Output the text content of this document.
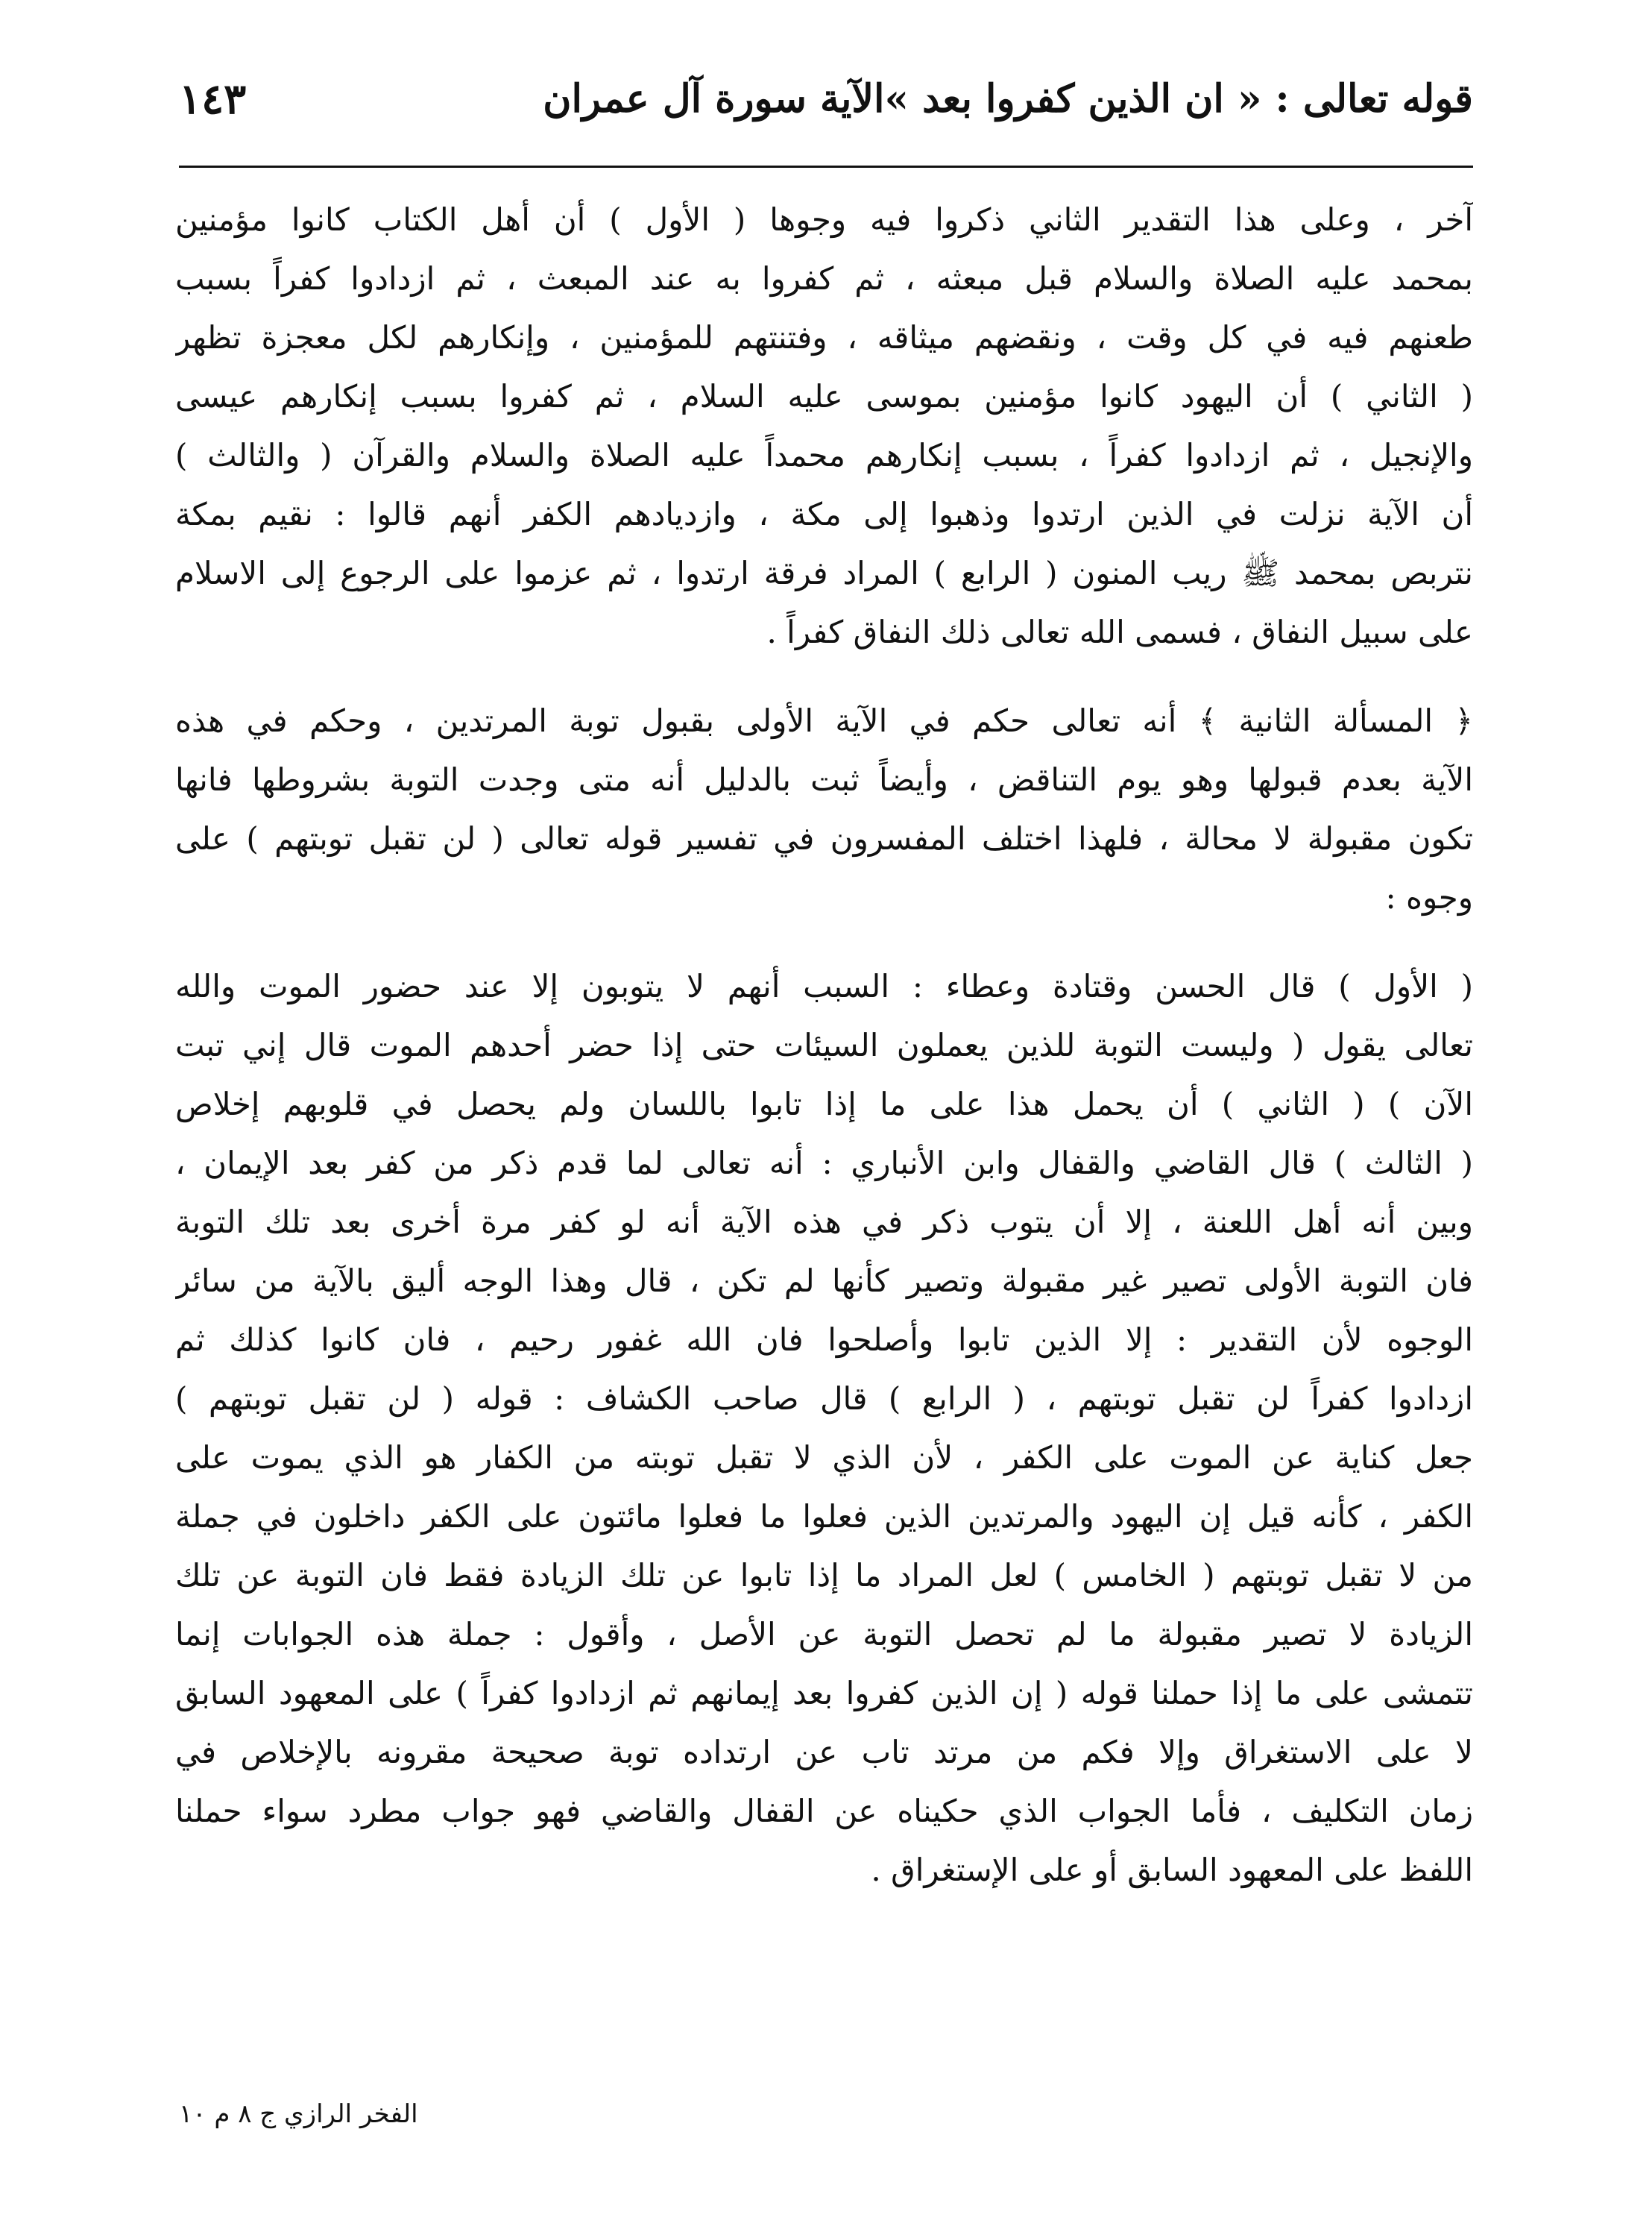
قوله تعالى : « ان الذين كفروا بعد »الآية سورة آل عمران
١٤٣
آخر ، وعلى هذا التقدير الثاني ذكروا فيه وجوها ( الأول ) أن أهل الكتاب كانوا مؤمنين
بمحمد عليه الصلاة والسلام قبل مبعثه ، ثم كفروا به عند المبعث ، ثم ازدادوا كفراً بسبب
طعنهم فيه في كل وقت ، ونقضهم ميثاقه ، وفتنتهم للمؤمنين ، وإنكارهم لكل معجزة تظهر
( الثاني ) أن اليهود كانوا مؤمنين بموسى عليه السلام ، ثم كفروا بسبب إنكارهم عيسى
والإنجيل ، ثم ازدادوا كفراً ، بسبب إنكارهم محمداً عليه الصلاة والسلام والقرآن ( والثالث )
أن الآية نزلت في الذين ارتدوا وذهبوا إلى مكة ، وازديادهم الكفر أنهم قالوا : نقيم بمكة
نتربص بمحمد ﷺ ريب المنون ( الرابع ) المراد فرقة ارتدوا ، ثم عزموا على الرجوع إلى الاسلام
على سبيل النفاق ، فسمى الله تعالى ذلك النفاق كفراً .
﴿ المسألة الثانية ﴾ أنه تعالى حكم في الآية الأولى بقبول توبة المرتدين ، وحكم في هذه
الآية بعدم قبولها وهو يوم التناقض ، وأيضاً ثبت بالدليل أنه متى وجدت التوبة بشروطها فانها
تكون مقبولة لا محالة ، فلهذا اختلف المفسرون في تفسير قوله تعالى ( لن تقبل توبتهم ) على
وجوه :
( الأول ) قال الحسن وقتادة وعطاء : السبب أنهم لا يتوبون إلا عند حضور الموت والله
تعالى يقول ( وليست التوبة للذين يعملون السيئات حتى إذا حضر أحدهم الموت قال إني تبت
الآن ) ( الثاني ) أن يحمل هذا على ما إذا تابوا باللسان ولم يحصل في قلوبهم إخلاص
( الثالث ) قال القاضي والقفال وابن الأنباري : أنه تعالى لما قدم ذكر من كفر بعد الإيمان ،
وبين أنه أهل اللعنة ، إلا أن يتوب ذكر في هذه الآية أنه لو كفر مرة أخرى بعد تلك التوبة
فان التوبة الأولى تصير غير مقبولة وتصير كأنها لم تكن ، قال وهذا الوجه أليق بالآية من سائر
الوجوه لأن التقدير : إلا الذين تابوا وأصلحوا فان الله غفور رحيم ، فان كانوا كذلك ثم
ازدادوا كفراً لن تقبل توبتهم ، ( الرابع ) قال صاحب الكشاف : قوله ( لن تقبل توبتهم )
جعل كناية عن الموت على الكفر ، لأن الذي لا تقبل توبته من الكفار هو الذي يموت على
الكفر ، كأنه قيل إن اليهود والمرتدين الذين فعلوا ما فعلوا مائتون على الكفر داخلون في جملة
من لا تقبل توبتهم ( الخامس ) لعل المراد ما إذا تابوا عن تلك الزيادة فقط فان التوبة عن تلك
الزيادة لا تصير مقبولة ما لم تحصل التوبة عن الأصل ، وأقول : جملة هذه الجوابات إنما
تتمشى على ما إذا حملنا قوله ( إن الذين كفروا بعد إيمانهم ثم ازدادوا كفراً ) على المعهود السابق
لا على الاستغراق وإلا فكم من مرتد تاب عن ارتداده توبة صحيحة مقرونه بالإخلاص في
زمان التكليف ، فأما الجواب الذي حكيناه عن القفال والقاضي فهو جواب مطرد سواء حملنا
اللفظ على المعهود السابق أو على الإستغراق .
الفخر الرازي ج ٨ م ١٠
